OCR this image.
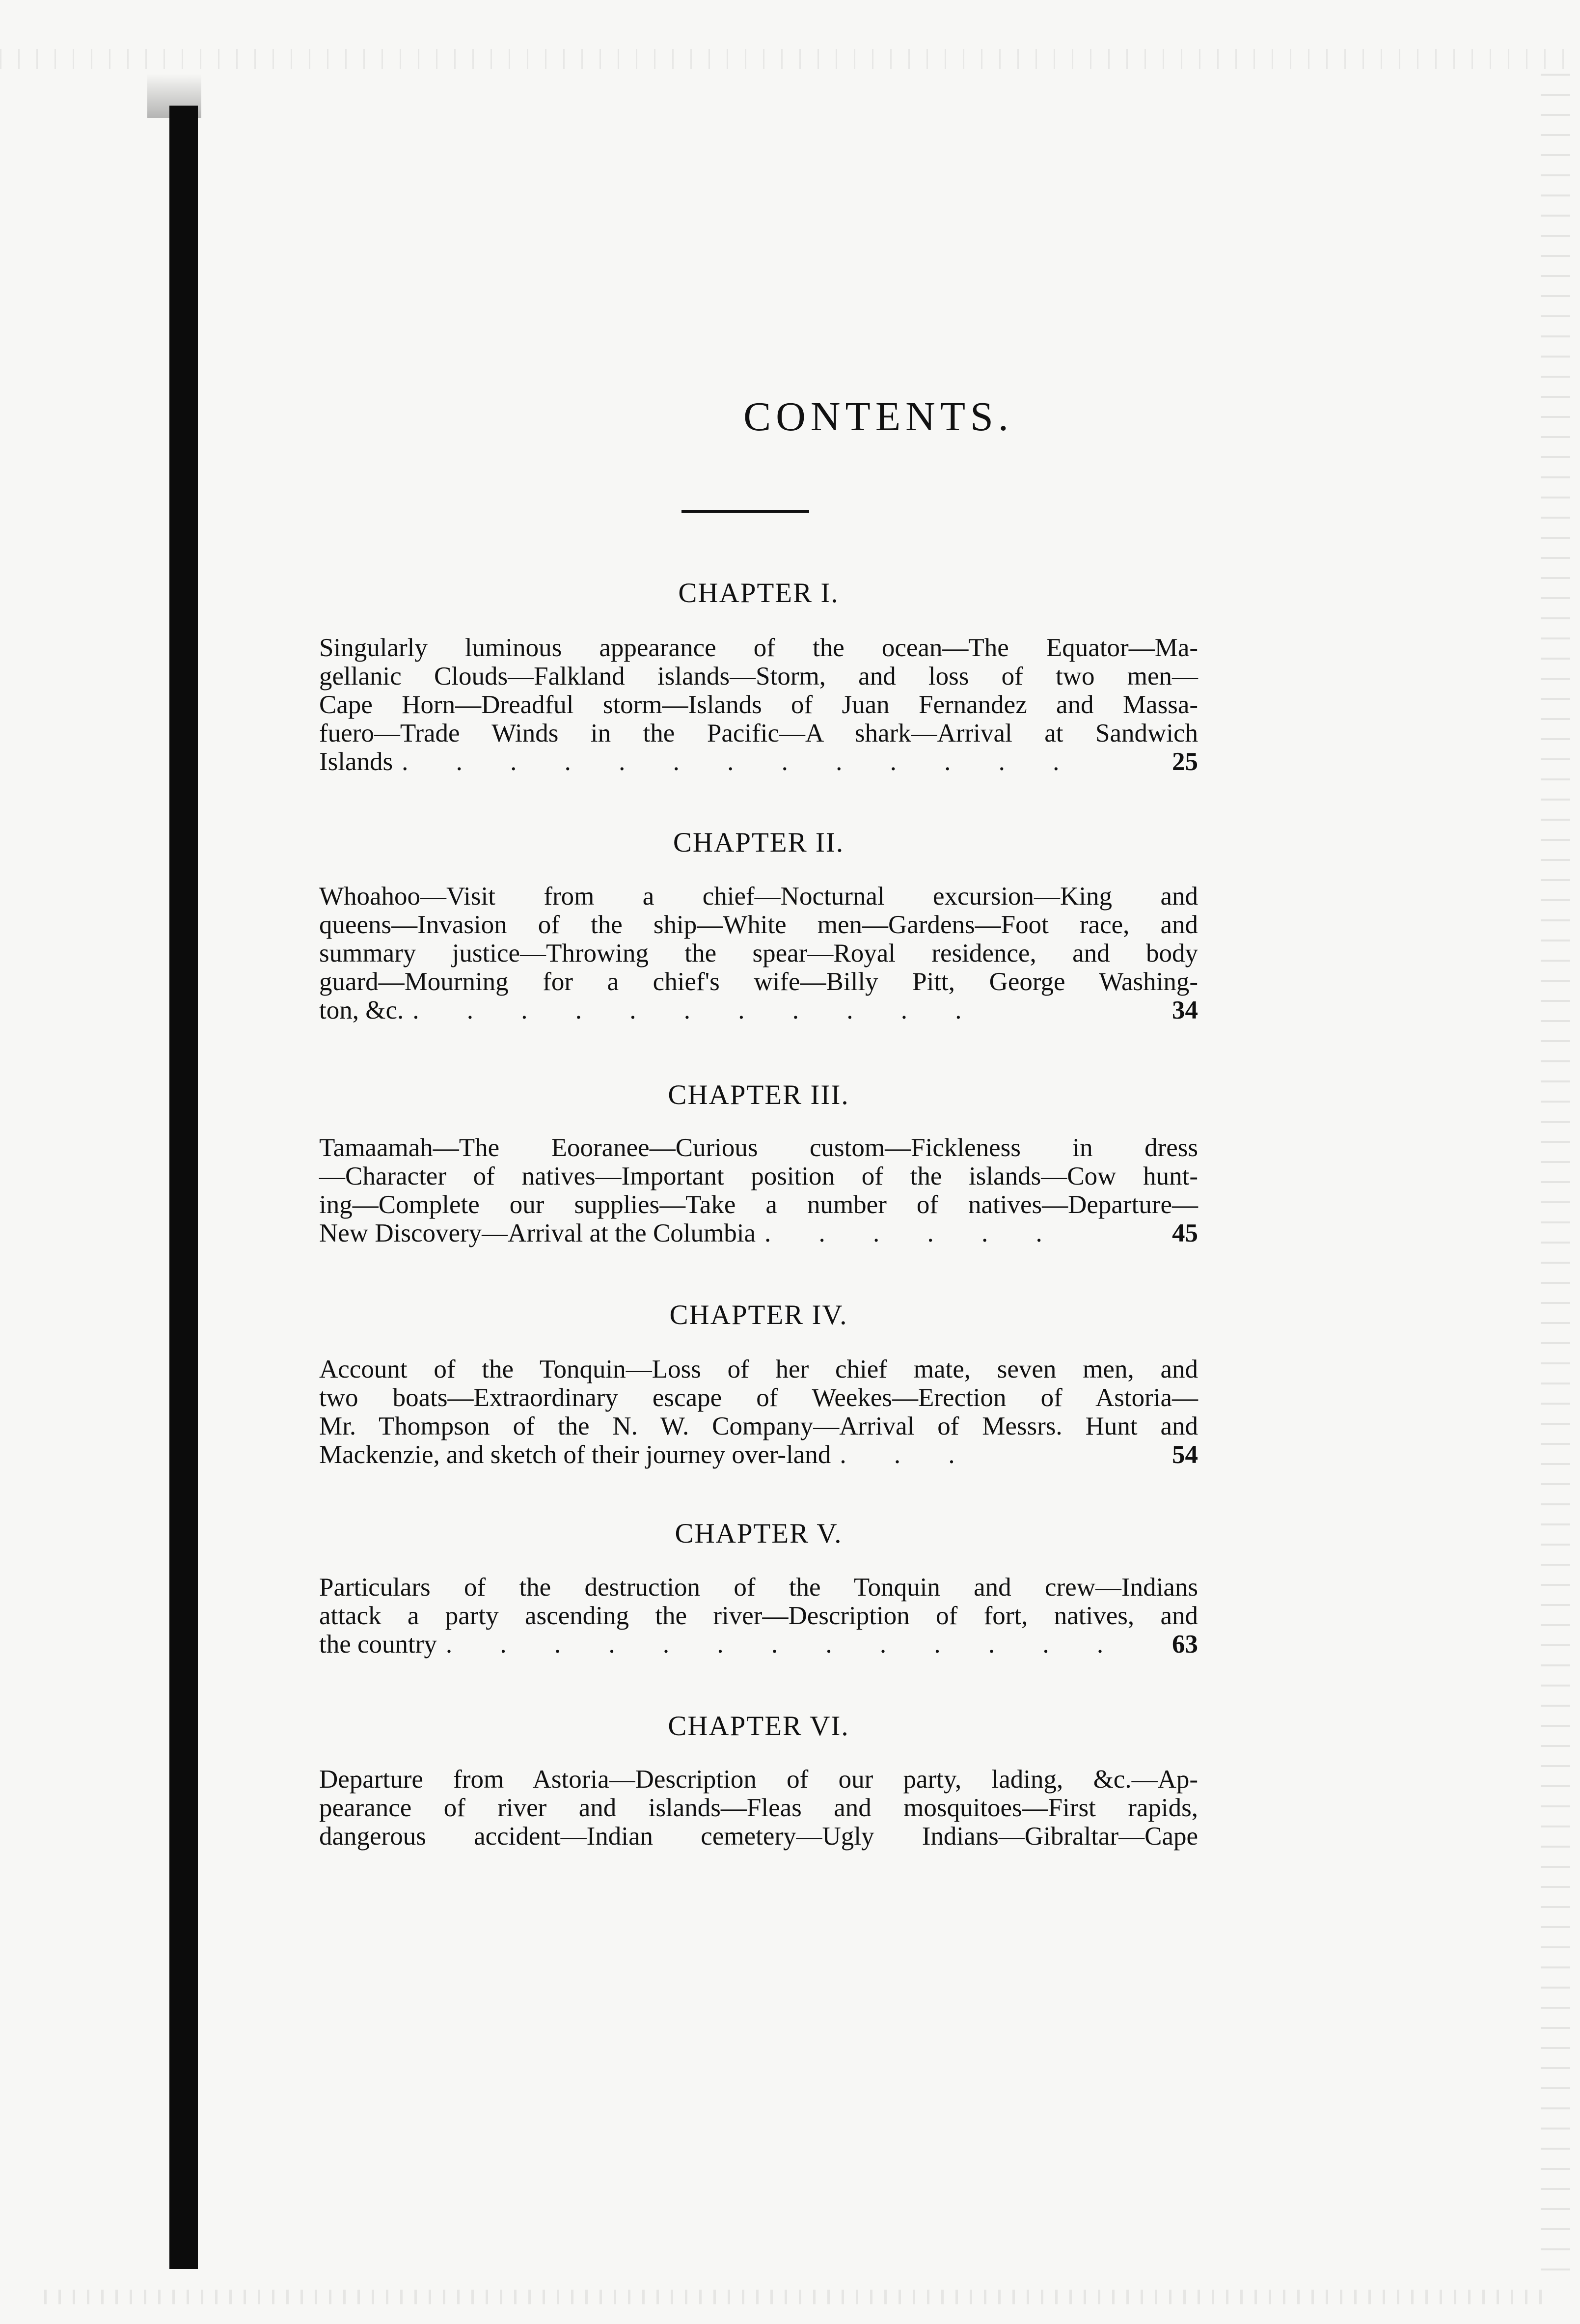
CONTENTS.
CHAPTER I.
Singularly luminous appearance of the ocean—The Equator—Ma-
gellanic Clouds—Falkland islands—Storm, and loss of two men—
Cape Horn—Dreadful storm—Islands of Juan Fernandez and Massa-
fuero—Trade Winds in the Pacific—A shark—Arrival at Sandwich
Islands . . . . . . . . . . . . .	25
CHAPTER II.
Whoahoo—Visit from a chief—Nocturnal excursion—King and
queens—Invasion of the ship—White men—Gardens—Foot race, and
summary justice—Throwing the spear—Royal residence, and body
guard—Mourning for a chief's wife—Billy Pitt, George Washing-
ton, &c. . . . . . . . . . . .	34
CHAPTER III.
Tamaamah—The Eooranee—Curious custom—Fickleness in dress
—Character of natives—Important position of the islands—Cow hunt-
ing—Complete our supplies—Take a number of natives—Departure—
New Discovery—Arrival at the Columbia . . . . . .	45
CHAPTER IV.
Account of the Tonquin—Loss of her chief mate, seven men, and
two boats—Extraordinary escape of Weekes—Erection of Astoria—
Mr. Thompson of the N. W. Company—Arrival of Messrs. Hunt and
Mackenzie, and sketch of their journey over-land . . .	54
CHAPTER V.
Particulars of the destruction of the Tonquin and crew—Indians
attack a party ascending the river—Description of fort, natives, and
the country . . . . . . . . . . . . .	63
CHAPTER VI.
Departure from Astoria—Description of our party, lading, &c.—Ap-
pearance of river and islands—Fleas and mosquitoes—First rapids,
dangerous accident—Indian cemetery—Ugly Indians—Gibraltar—Cape
